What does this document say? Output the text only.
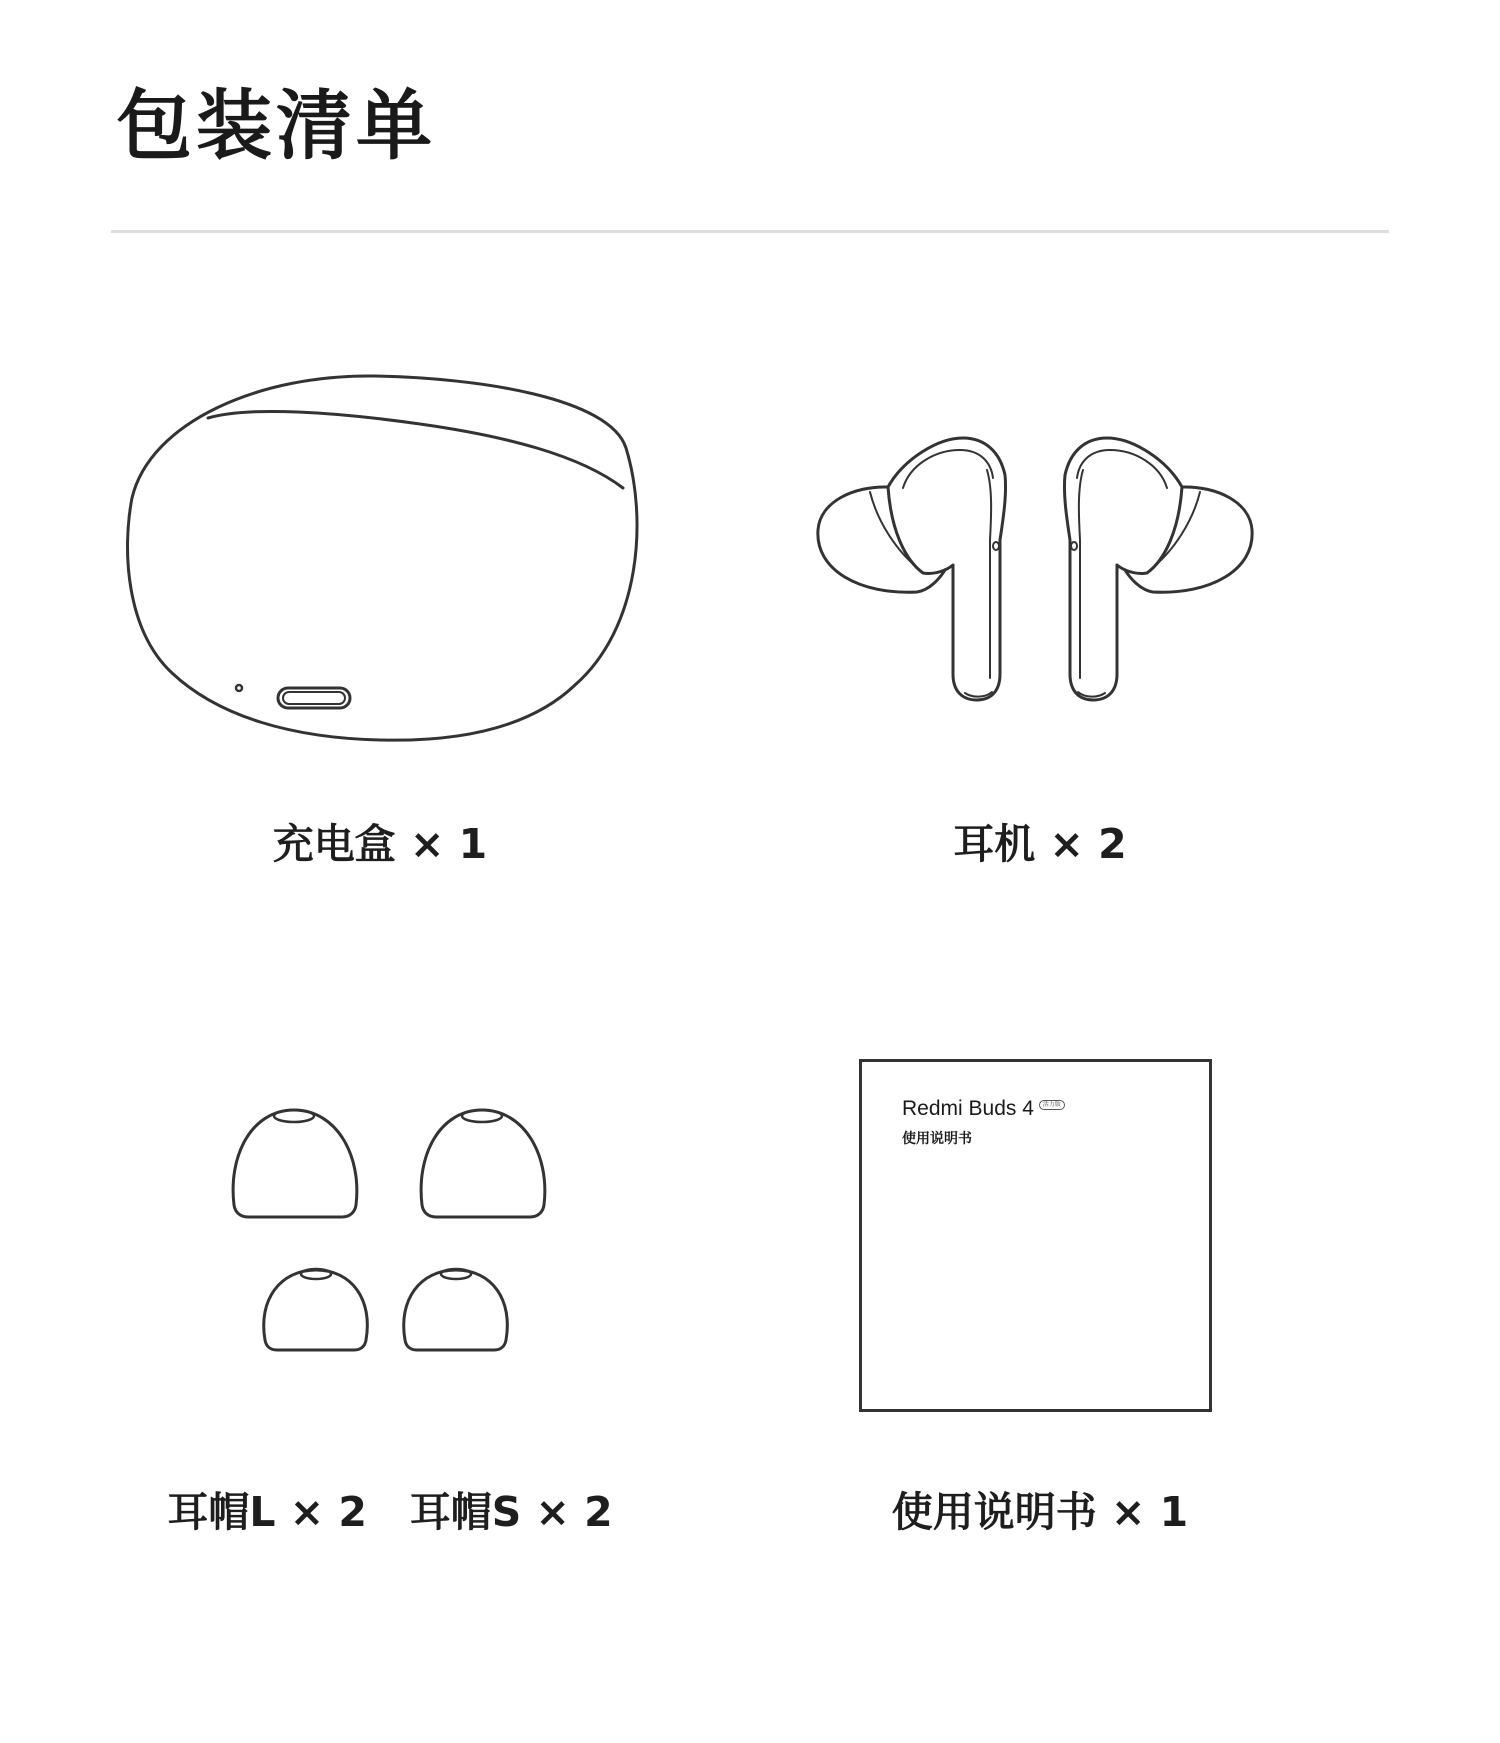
包装清单
充电盒 × 1	耳机 × 2
耳帽L × 2   耳帽S × 2
Redmi Buds 4	活力版
使用说明书
使用说明书 × 1
